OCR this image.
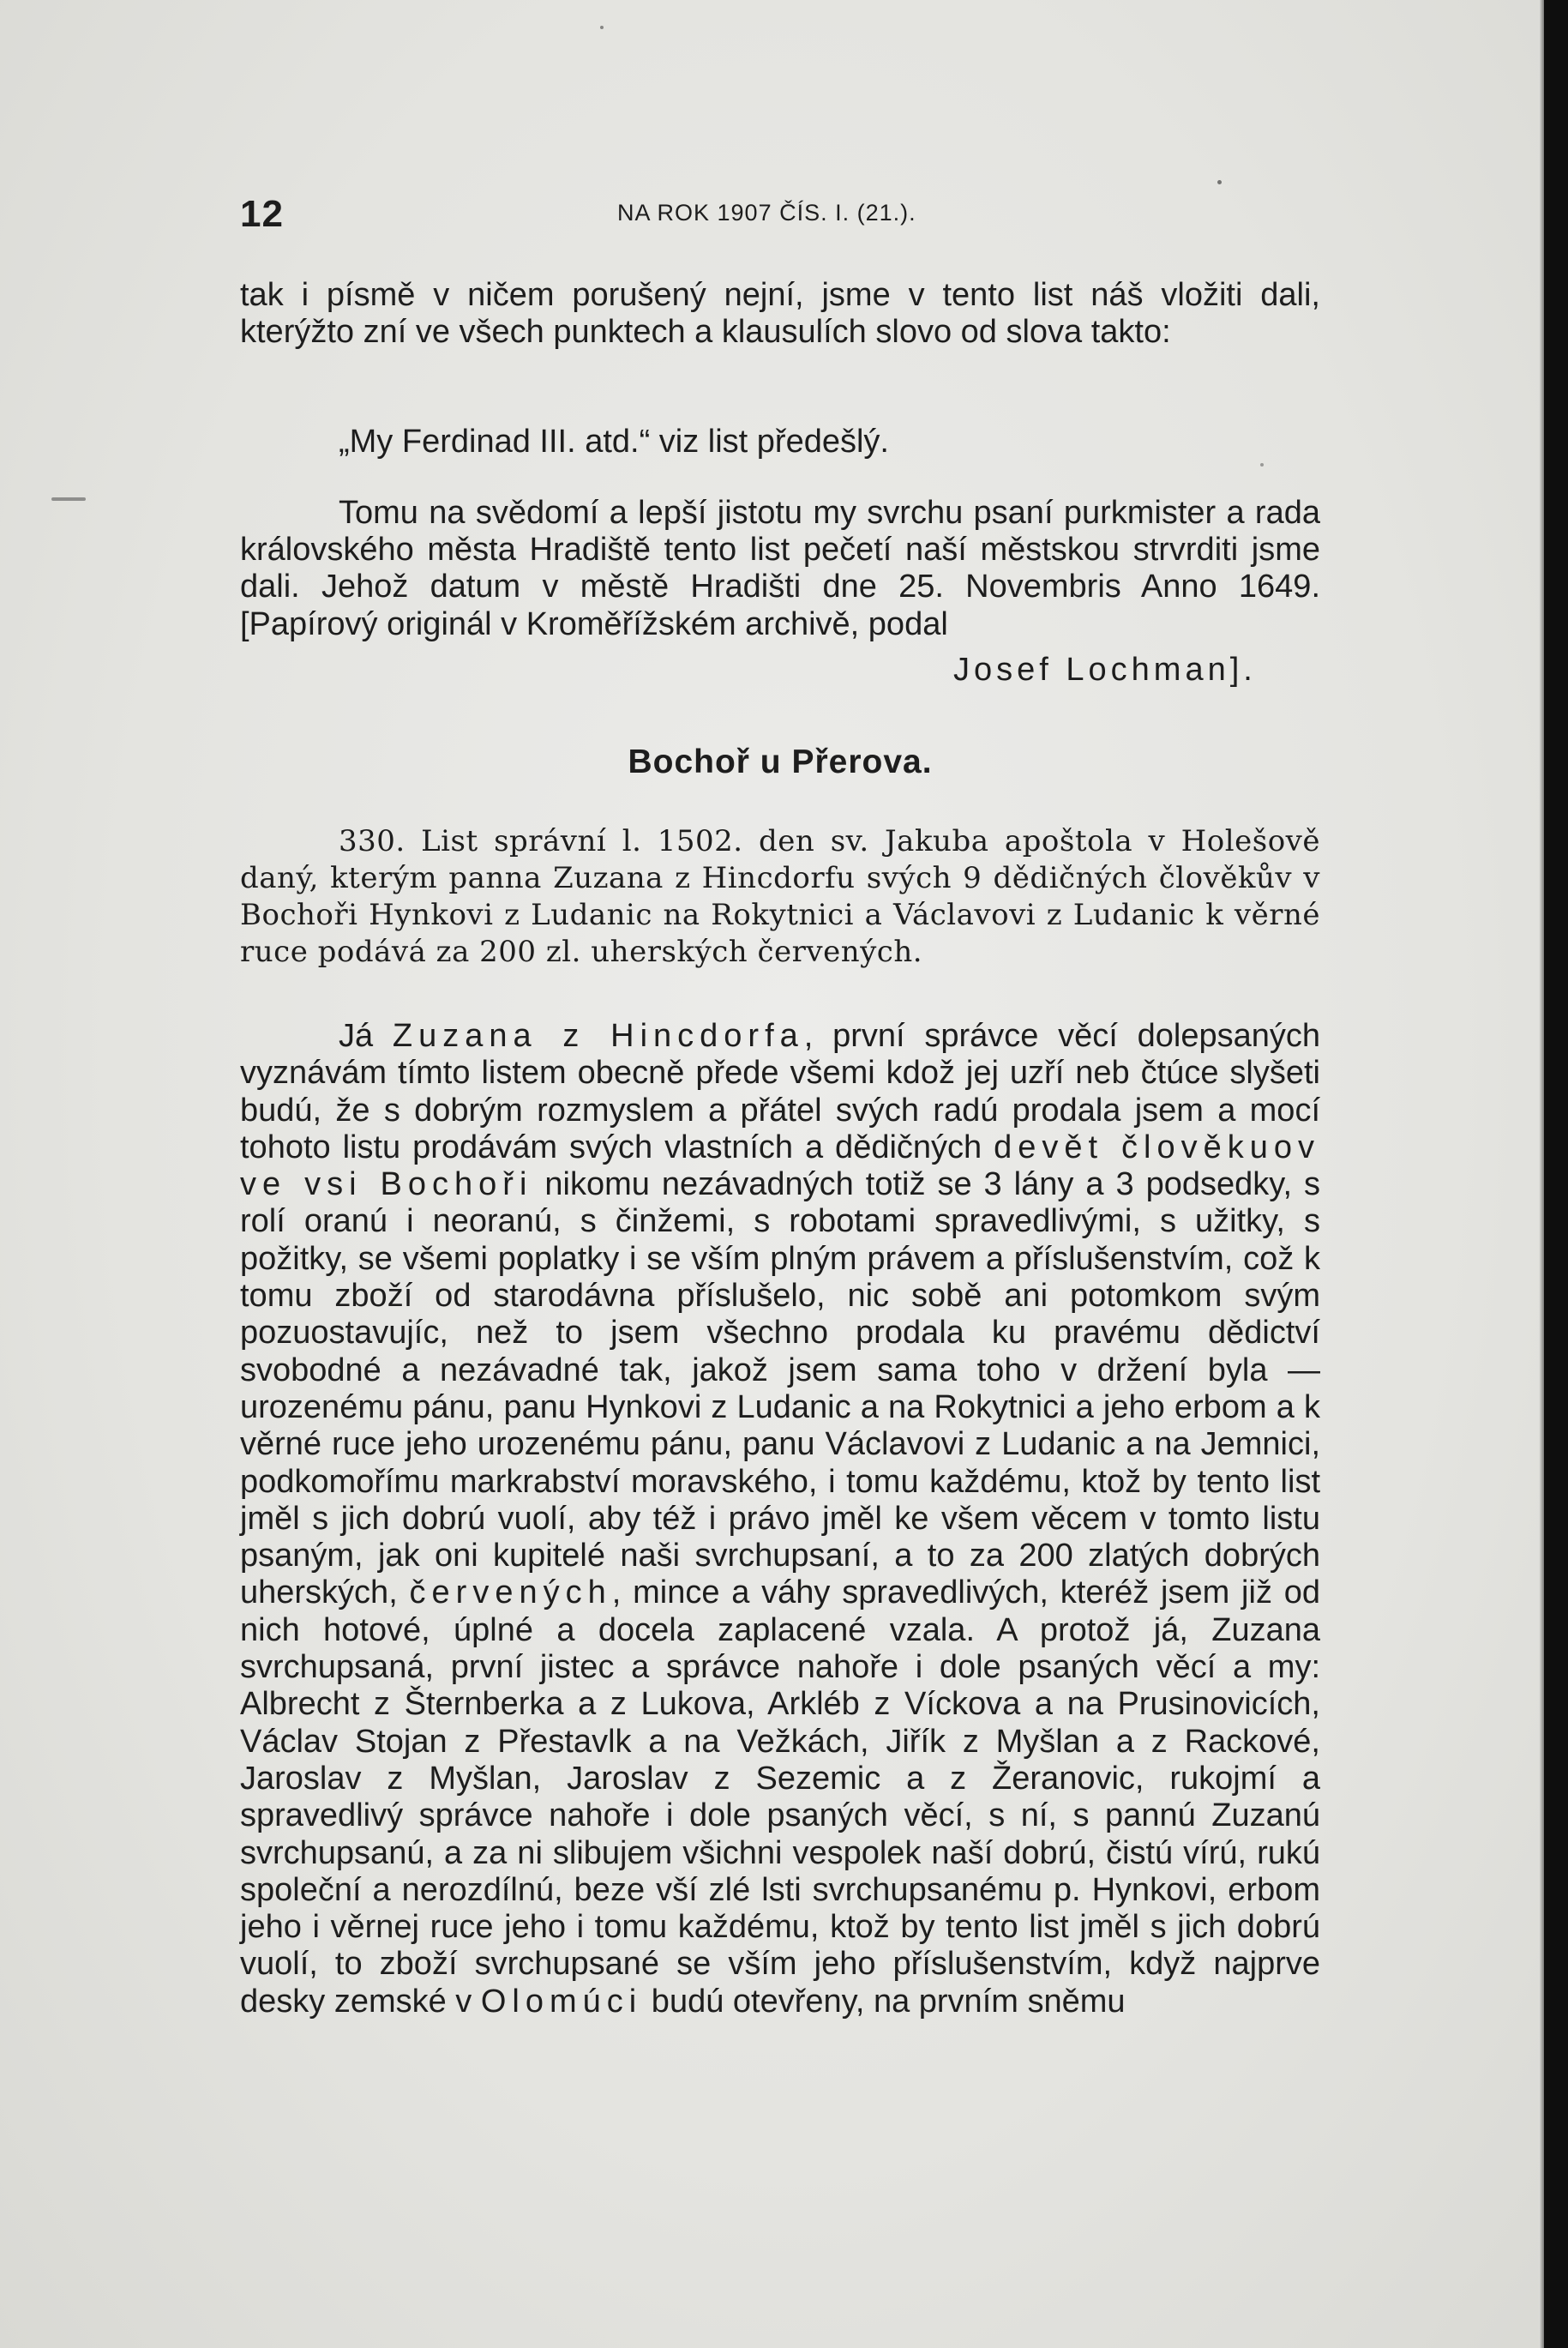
12	NA ROK 1907 ČÍS. I. (21.).

tak i písmě v ničem porušený nejní, jsme v tento list náš vložiti dali, kterýžto zní ve všech punktech a klausulích slovo od slova takto:

„My Ferdinad III. atd.“ viz list předešlý.

Tomu na svědomí a lepší jistotu my svrchu psaní purkmister a rada královského města Hradiště tento list pečetí naší městskou strvrditi jsme dali. Jehož datum v městě Hradišti dne 25. Novembris Anno 1649. [Papírový originál v Kroměřížském archivě, podal

Josef Lochman].
Bochoř u Přerova.

330. List správní l. 1502. den sv. Jakuba apoštola v Holešově daný, kterým panna Zuzana z Hincdorfu svých 9 dědičných člověkův v Bochoři Hynkovi z Ludanic na Rokytnici a Václavovi z Ludanic k věrné ruce podává za 200 zl. uherských červených.

Já Zuzana z Hincdorfa, první správce věcí dolepsaných vyznávám tímto listem obecně přede všemi kdož jej uzří neb čtúce slyšeti budú, že s dobrým rozmyslem a přátel svých radú prodala jsem a mocí tohoto listu prodávám svých vlastních a dědičných devět člověkuov ve vsi Bochoři nikomu nezávadných totiž se 3 lány a 3 podsedky, s rolí oranú i neoranú, s činžemi, s robotami spravedlivými, s užitky, s požitky, se všemi poplatky i se vším plným právem a příslušenstvím, což k tomu zboží od starodávna příslušelo, nic sobě ani potomkom svým pozuostavujíc, než to jsem všechno prodala ku pravému dědictví svobodné a nezávadné tak, jakož jsem sama toho v držení byla — urozenému pánu, panu Hynkovi z Ludanic a na Rokytnici a jeho erbom a k věrné ruce jeho urozenému pánu, panu Václavovi z Ludanic a na Jemnici, podkomořímu markrabství moravského, i tomu každému, ktož by tento list jměl s jich dobrú vuolí, aby též i právo jměl ke všem věcem v tomto listu psaným, jak oni kupitelé naši svrchupsaní, a to za 200 zlatých dobrých uherských, červených, mince a váhy spravedlivých, kteréž jsem již od nich hotové, úplné a docela zaplacené vzala. A protož já, Zuzana svrchupsaná, první jistec a správce nahoře i dole psaných věcí a my: Albrecht z Šternberka a z Lukova, Arkléb z Víckova a na Prusinovicích, Václav Stojan z Přestavlk a na Vežkách, Jiřík z Myšlan a z Rackové, Jaroslav z Myšlan, Jaroslav z Sezemic a z Žeranovic, rukojmí a spravedlivý správce nahoře i dole psaných věcí, s ní, s pannú Zuzanú svrchupsanú, a za ni slibujem všichni vespolek naší dobrú, čistú vírú, rukú společní a nerozdílnú, beze vší zlé lsti svrchupsanému p. Hynkovi, erbom jeho i věrnej ruce jeho i tomu každému, ktož by tento list jměl s jich dobrú vuolí, to zboží svrchupsané se vším jeho příslušenstvím, když najprve desky zemské v Olomúci budú otevřeny, na prvním sněmu
